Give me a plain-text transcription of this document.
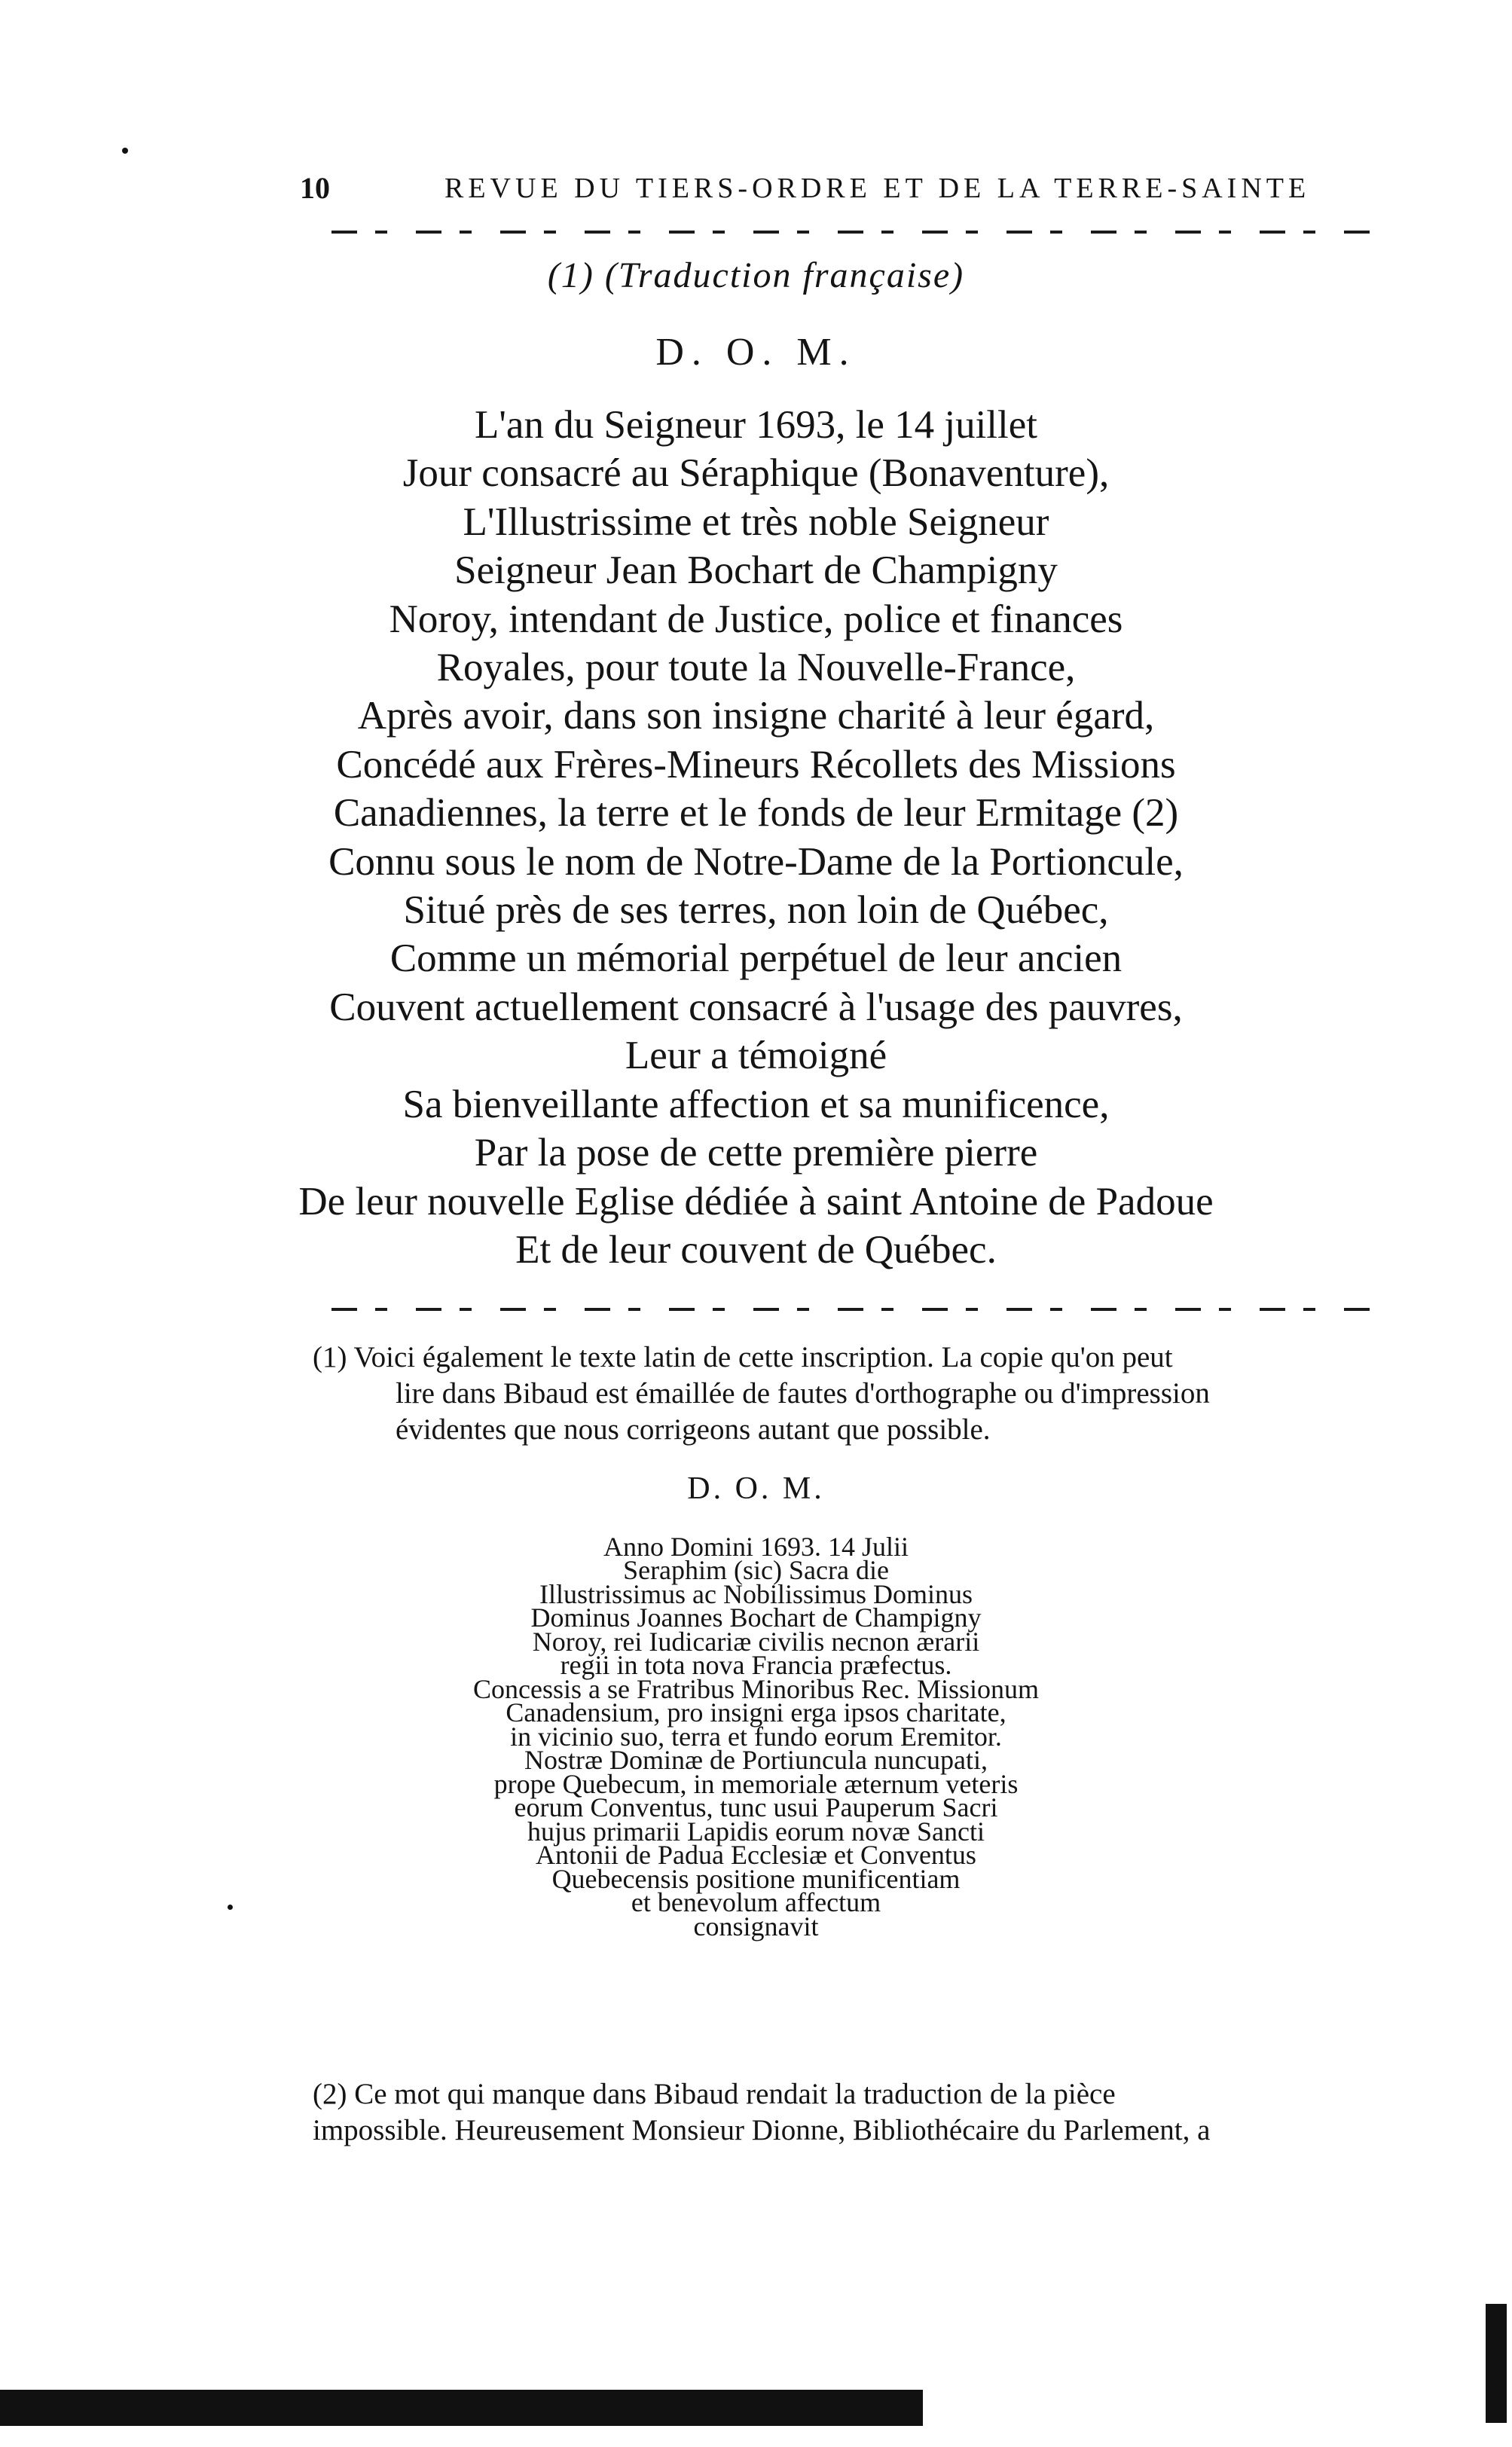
10	REVUE DU TIERS-ORDRE ET DE LA TERRE-SAINTE
(1) (Traduction française)
D. O. M.
L'an du Seigneur 1693, le 14 juillet
Jour consacré au Séraphique (Bonaventure),
L'Illustrissime et très noble Seigneur
Seigneur Jean Bochart de Champigny
Noroy, intendant de Justice, police et finances
Royales, pour toute la Nouvelle-France,
Après avoir, dans son insigne charité à leur égard,
Concédé aux Frères-Mineurs Récollets des Missions
Canadiennes, la terre et le fonds de leur Ermitage (2)
Connu sous le nom de Notre-Dame de la Portioncule,
Situé près de ses terres, non loin de Québec,
Comme un mémorial perpétuel de leur ancien
Couvent actuellement consacré à l'usage des pauvres,
Leur a témoigné
Sa bienveillante affection et sa munificence,
Par la pose de cette première pierre
De leur nouvelle Eglise dédiée à saint Antoine de Padoue
Et de leur couvent de Québec.
(1) Voici également le texte latin de cette inscription. La copie qu'on peut
lire dans Bibaud est émaillée de fautes d'orthographe ou d'impression
évidentes que nous corrigeons autant que possible.
D. O. M.
Anno Domini 1693. 14 Julii
Seraphim (sic) Sacra die
Illustrissimus ac Nobilissimus Dominus
Dominus Joannes Bochart de Champigny
Noroy, rei Iudicariæ civilis necnon ærarii
regii in tota nova Francia præfectus.
Concessis a se Fratribus Minoribus Rec. Missionum
Canadensium, pro insigni erga ipsos charitate,
in vicinio suo, terra et fundo eorum Eremitor.
Nostræ Dominæ de Portiuncula nuncupati,
prope Quebecum, in memoriale æternum veteris
eorum Conventus, tunc usui Pauperum Sacri
hujus primarii Lapidis eorum novæ Sancti
Antonii de Padua Ecclesiæ et Conventus
Quebecensis positione munificentiam
et benevolum affectum
consignavit
(2) Ce mot qui manque dans Bibaud rendait la traduction de la pièce
impossible. Heureusement Monsieur Dionne, Bibliothécaire du Parlement, a
